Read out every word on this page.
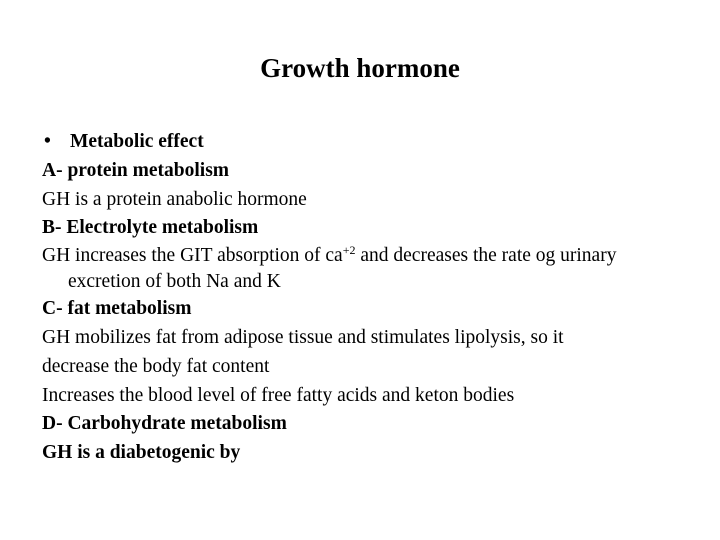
Growth hormone
• Metabolic effect
A- protein metabolism
GH is a protein anabolic hormone
B- Electrolyte metabolism
GH increases the GIT absorption of $ca^{+2}$ and decreases the rate og urinary excretion of both Na and K
C- fat metabolism
GH mobilizes fat from adipose tissue and stimulates lipolysis, so it
decrease the body fat content
Increases the blood level of free fatty acids and keton bodies
D- Carbohydrate metabolism
GH is a diabetogenic by
